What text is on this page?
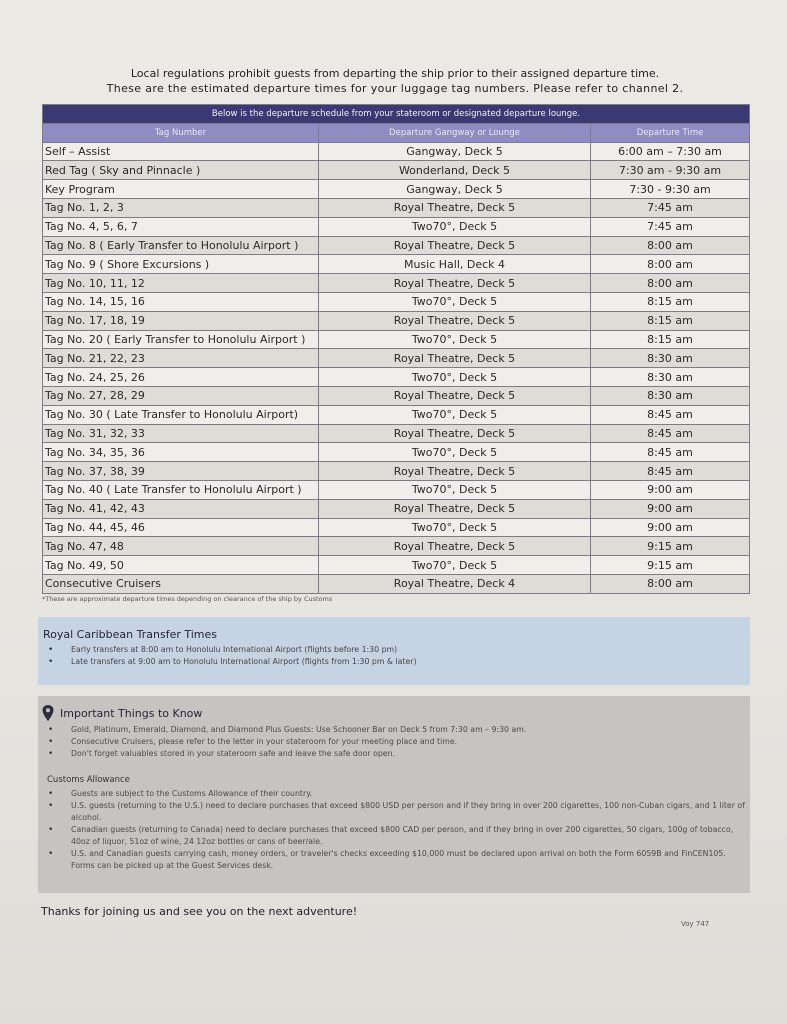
Local regulations prohibit guests from departing the ship prior to their assigned departure time.
These are the estimated departure times for your luggage tag numbers. Please refer to channel 2.
Below is the departure schedule from your stateroom or designated departure lounge.		
Tag Number	Departure Gangway or Lounge	Departure Time
Self – Assist	Gangway, Deck 5	6:00 am – 7:30 am
Red Tag ( Sky and Pinnacle )	Wonderland, Deck 5	7:30 am - 9:30 am
Key Program	Gangway, Deck 5	7:30 - 9:30 am
Tag No. 1, 2, 3	Royal Theatre, Deck 5	7:45 am
Tag No. 4, 5, 6, 7	Two70°, Deck 5	7:45 am
Tag No. 8 ( Early Transfer to Honolulu Airport )	Royal Theatre, Deck 5	8:00 am
Tag No. 9 ( Shore Excursions )	Music Hall, Deck 4	8:00 am
Tag No. 10, 11, 12	Royal Theatre, Deck 5	8:00 am
Tag No. 14, 15, 16	Two70°, Deck 5	8:15 am
Tag No. 17, 18, 19	Royal Theatre, Deck 5	8:15 am
Tag No. 20 ( Early Transfer to Honolulu Airport )	Two70°, Deck 5	8:15 am
Tag No. 21, 22, 23	Royal Theatre, Deck 5	8:30 am
Tag No. 24, 25, 26	Two70°, Deck 5	8:30 am
Tag No. 27, 28, 29	Royal Theatre, Deck 5	8:30 am
Tag No. 30 ( Late Transfer to Honolulu Airport)	Two70°, Deck 5	8:45 am
Tag No. 31, 32, 33	Royal Theatre, Deck 5	8:45 am
Tag No. 34, 35, 36	Two70°, Deck 5	8:45 am
Tag No. 37, 38, 39	Royal Theatre, Deck 5	8:45 am
Tag No. 40 ( Late Transfer to Honolulu Airport )	Two70°, Deck 5	9:00 am
Tag No. 41, 42, 43	Royal Theatre, Deck 5	9:00 am
Tag No. 44, 45, 46	Two70°, Deck 5	9:00 am
Tag No. 47, 48	Royal Theatre, Deck 5	9:15 am
Tag No. 49, 50	Two70°, Deck 5	9:15 am
Consecutive Cruisers	Royal Theatre, Deck 4	8:00 am
*These are approximate departure times depending on clearance of the ship by Customs
Royal Caribbean Transfer Times
• Early transfers at 8:00 am to Honolulu International Airport (flights before 1:30 pm)
• Late transfers at 9:00 am to Honolulu International Airport (flights from 1:30 pm & later)
Important Things to Know
• Gold, Platinum, Emerald, Diamond, and Diamond Plus Guests: Use Schooner Bar on Deck 5 from 7:30 am – 9:30 am.
• Consecutive Cruisers, please refer to the letter in your stateroom for your meeting place and time.
• Don't forget valuables stored in your stateroom safe and leave the safe door open.
Customs Allowance
• Guests are subject to the Customs Allowance of their country.
• U.S. guests (returning to the U.S.) need to declare purchases that exceed $800 USD per person and if they bring in over 200 cigarettes, 100 non-Cuban cigars, and 1 liter of alcohol.
• Canadian guests (returning to Canada) need to declare purchases that exceed $800 CAD per person, and if they bring in over 200 cigarettes, 50 cigars, 100g of tobacco, 40oz of liquor, 51oz of wine, 24 12oz bottles or cans of beer/ale.
• U.S. and Canadian guests carrying cash, money orders, or traveler's checks exceeding $10,000 must be declared upon arrival on both the Form 6059B and FinCEN105. Forms can be picked up at the Guest Services desk.
Thanks for joining us and see you on the next adventure!
Voy 747
